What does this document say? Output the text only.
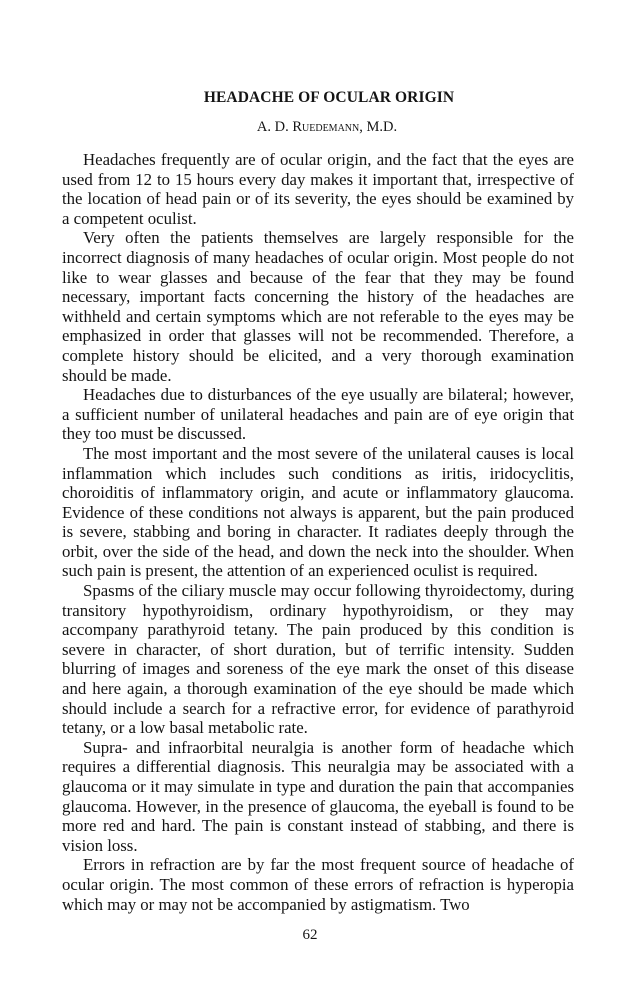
HEADACHE OF OCULAR ORIGIN
A. D. Ruedemann, M.D.

Headaches frequently are of ocular origin, and the fact that the eyes are used from 12 to 15 hours every day makes it important that, irrespective of the location of head pain or of its severity, the eyes should be examined by a competent oculist.

Very often the patients themselves are largely responsible for the incorrect diagnosis of many headaches of ocular origin. Most people do not like to wear glasses and because of the fear that they may be found necessary, important facts concerning the history of the headaches are withheld and certain symptoms which are not referable to the eyes may be emphasized in order that glasses will not be recommended. Therefore, a complete history should be elicited, and a very thorough examination should be made.

Headaches due to disturbances of the eye usually are bilateral; however, a sufficient number of unilateral headaches and pain are of eye origin that they too must be discussed.

The most important and the most severe of the unilateral causes is local inflammation which includes such conditions as iritis, iridocyclitis, choroiditis of inflammatory origin, and acute or inflammatory glaucoma. Evidence of these conditions not always is apparent, but the pain produced is severe, stabbing and boring in character. It radiates deeply through the orbit, over the side of the head, and down the neck into the shoulder. When such pain is present, the attention of an experienced oculist is required.

Spasms of the ciliary muscle may occur following thyroidectomy, during transitory hypothyroidism, ordinary hypothyroidism, or they may accompany parathyroid tetany. The pain produced by this condition is severe in character, of short duration, but of terrific intensity. Sudden blurring of images and soreness of the eye mark the onset of this disease and here again, a thorough examination of the eye should be made which should include a search for a refractive error, for evidence of parathyroid tetany, or a low basal metabolic rate.

Supra- and infraorbital neuralgia is another form of headache which requires a differential diagnosis. This neuralgia may be associated with a glaucoma or it may simulate in type and duration the pain that accompanies glaucoma. However, in the presence of glaucoma, the eyeball is found to be more red and hard. The pain is constant instead of stabbing, and there is vision loss.

Errors in refraction are by far the most frequent source of headache of ocular origin. The most common of these errors of refraction is hyperopia which may or may not be accompanied by astigmatism. Two

62
